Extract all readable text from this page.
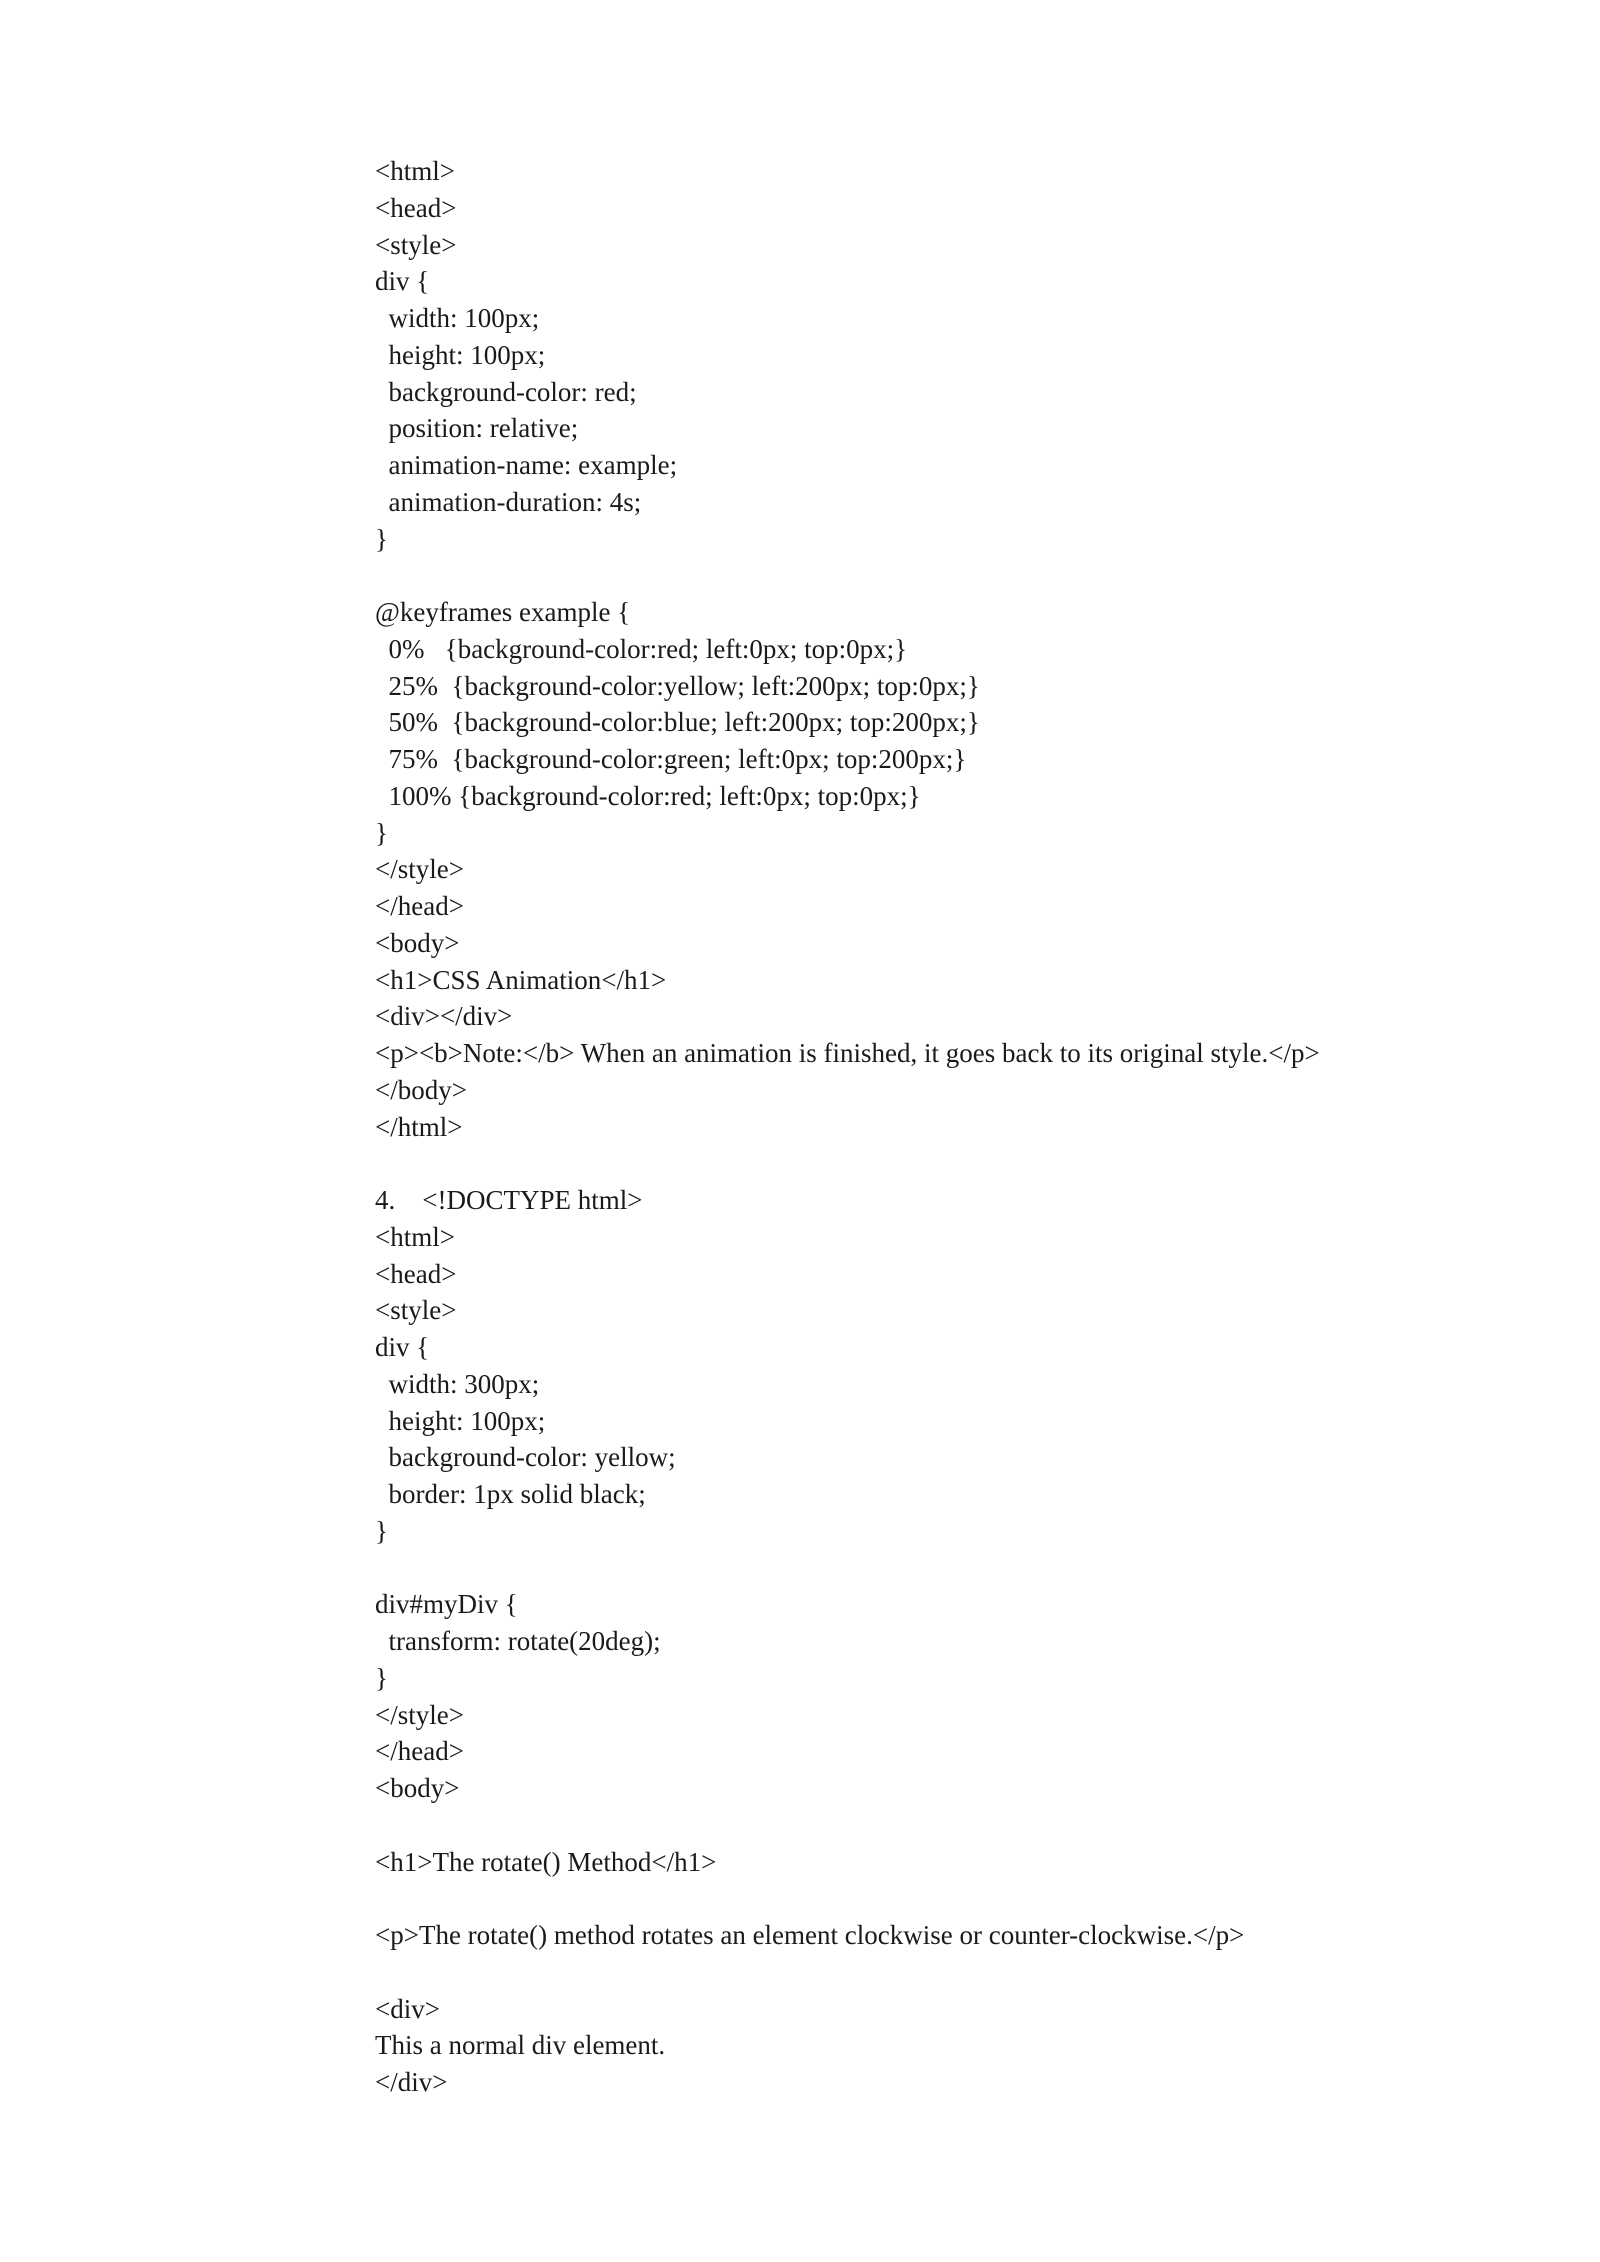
<html>
<head>
<style>
div {
width: 100px;
height: 100px;
background-color: red;
position: relative;
animation-name: example;
animation-duration: 4s;
}
@keyframes example {
0%   {background-color:red; left:0px; top:0px;}
25%  {background-color:yellow; left:200px; top:0px;}
50%  {background-color:blue; left:200px; top:200px;}
75%  {background-color:green; left:0px; top:200px;}
100% {background-color:red; left:0px; top:0px;}
}
</style>
</head>
<body>
<h1>CSS Animation</h1>
<div></div>
<p><b>Note:</b> When an animation is finished, it goes back to its original style.</p>
</body>
</html>
4.    <!DOCTYPE html>
<html>
<head>
<style>
div {
width: 300px;
height: 100px;
background-color: yellow;
border: 1px solid black;
}
div#myDiv {
transform: rotate(20deg);
}
</style>
</head>
<body>
<h1>The rotate() Method</h1>
<p>The rotate() method rotates an element clockwise or counter-clockwise.</p>
<div>
This a normal div element.
</div>
